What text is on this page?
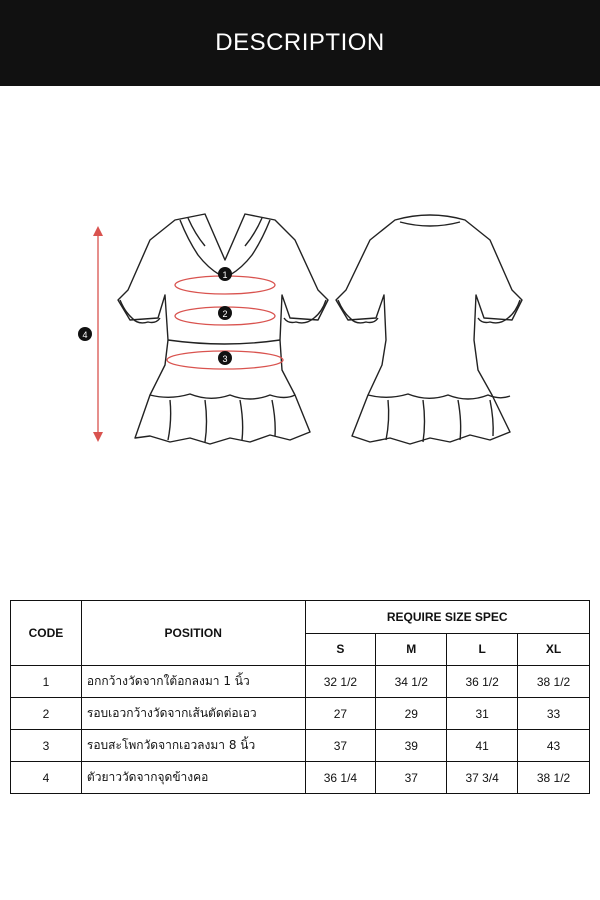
DESCRIPTION
1
2
3
4
CODE	POSITION	REQUIRE SIZE SPEC			
		S	M	L	XL
1	อกกว้างวัดจากใต้อกลงมา 1 นิ้ว	32 1/2	34 1/2	36 1/2	38 1/2
2	รอบเอวกว้างวัดจากเส้นตัดต่อเอว	27	29	31	33
3	รอบสะโพกวัดจากเอวลงมา 8 นิ้ว	37	39	41	43
4	ตัวยาววัดจากจุดข้างคอ	36 1/4	37	37 3/4	38 1/2
